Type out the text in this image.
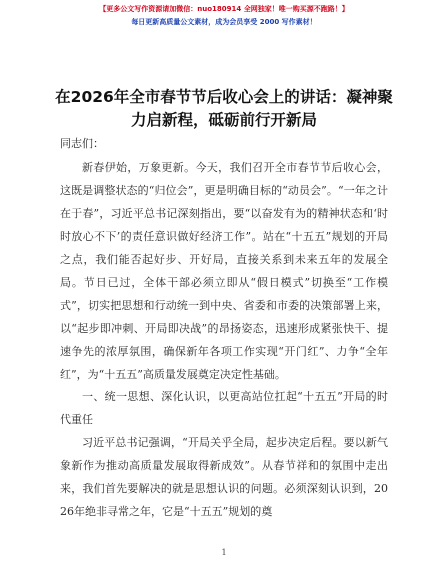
【更多公文写作资源请加微信：nuo180914 全网独家！唯一购买源不跑路！】
每日更新高质量公文素材，成为会员享受 2000 写作素材！
在2026年全市春节节后收心会上的讲话：凝神聚力启新程，砥砺前行开新局

同志们：

新春伊始，万象更新。今天，我们召开全市春节节后收心会，这既是调整状态的“归位会”，更是明确目标的“动员会”。“一年之计在于春”，习近平总书记深刻指出，要“以奋发有为的精神状态和‘时时放心不下’的责任意识做好经济工作”。站在“十五五”规划的开局之点，我们能否起好步、开好局，直接关系到未来五年的发展全局。节日已过，全体干部必须立即从“假日模式”切换至“工作模式”，切实把思想和行动统一到中央、省委和市委的决策部署上来，以“起步即冲刺、开局即决战”的昂扬姿态，迅速形成紧张快干、提速争先的浓厚氛围，确保新年各项工作实现“开门红”、力争“全年红”，为“十五五”高质量发展奠定决定性基础。

一、统一思想、深化认识，以更高站位扛起“十五五”开局的时代重任

习近平总书记强调，“开局关乎全局，起步决定后程。要以新气象新作为推动高质量发展取得新成效”。从春节祥和的氛围中走出来，我们首先要解决的就是思想认识的问题。必须深刻认识到，2026年绝非寻常之年，它是“十五五”规划的奠

1
